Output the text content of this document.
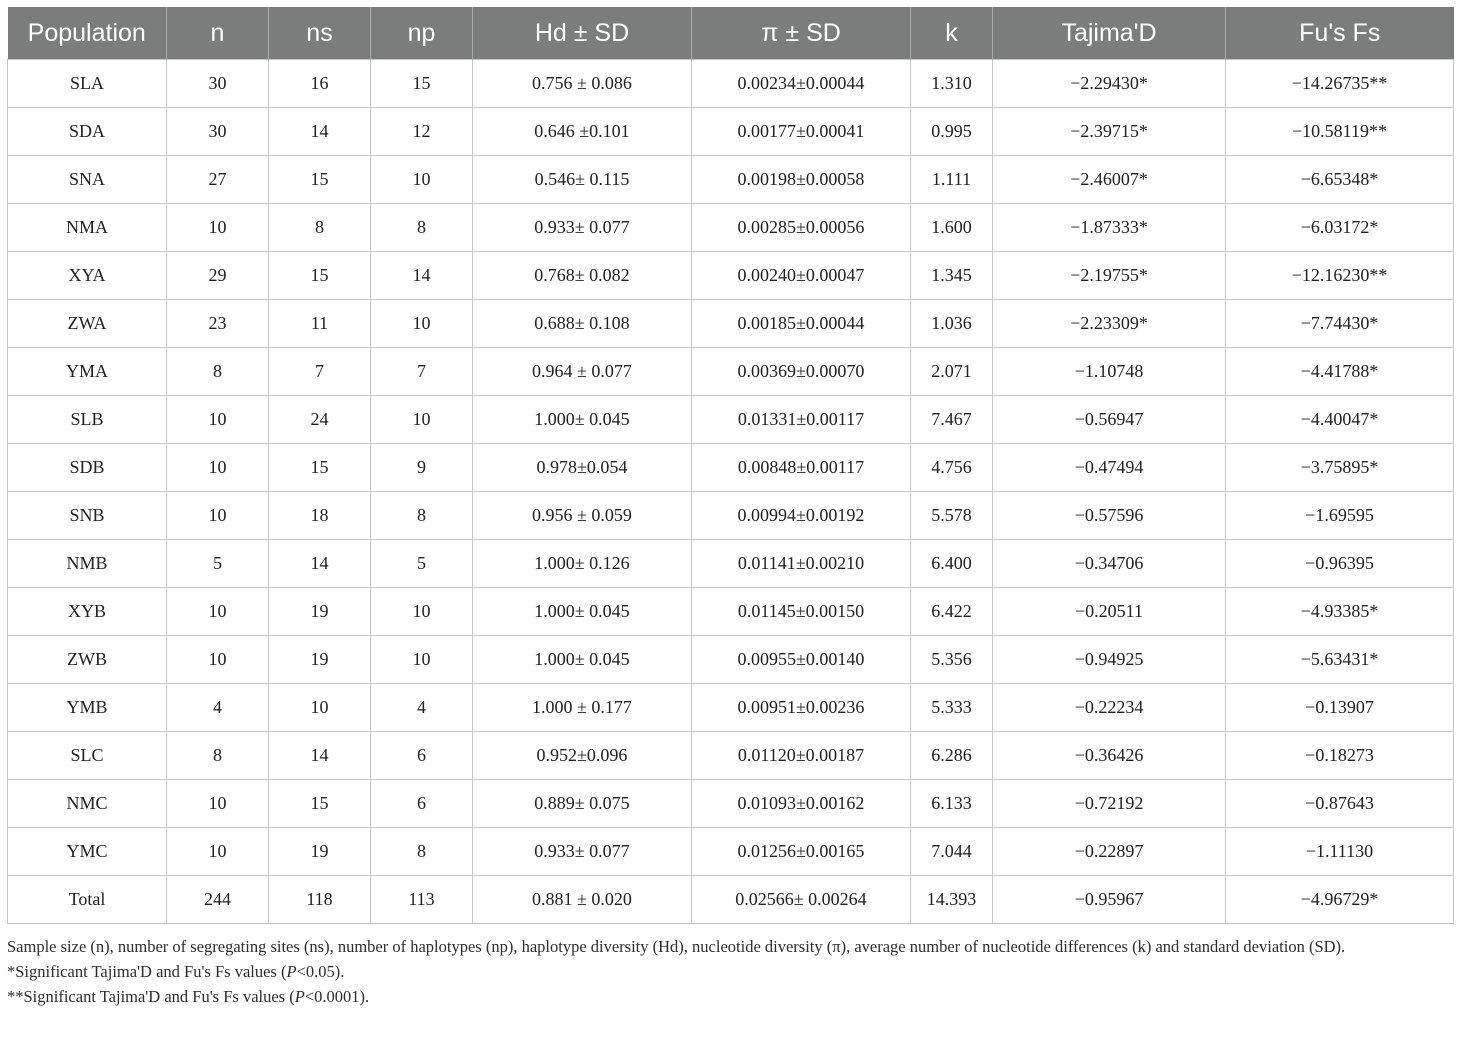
Population	n	ns	np	Hd ± SD	π ± SD	k	Tajima'D	Fu's Fs
SLA	30	16	15	0.756 ± 0.086	0.00234±0.00044	1.310	−2.29430*	−14.26735**
SDA	30	14	12	0.646 ±0.101	0.00177±0.00041	0.995	−2.39715*	−10.58119**
SNA	27	15	10	0.546± 0.115	0.00198±0.00058	1.111	−2.46007*	−6.65348*
NMA	10	8	8	0.933± 0.077	0.00285±0.00056	1.600	−1.87333*	−6.03172*
XYA	29	15	14	0.768± 0.082	0.00240±0.00047	1.345	−2.19755*	−12.16230**
ZWA	23	11	10	0.688± 0.108	0.00185±0.00044	1.036	−2.23309*	−7.74430*
YMA	8	7	7	0.964 ± 0.077	0.00369±0.00070	2.071	−1.10748	−4.41788*
SLB	10	24	10	1.000± 0.045	0.01331±0.00117	7.467	−0.56947	−4.40047*
SDB	10	15	9	0.978±0.054	0.00848±0.00117	4.756	−0.47494	−3.75895*
SNB	10	18	8	0.956 ± 0.059	0.00994±0.00192	5.578	−0.57596	−1.69595
NMB	5	14	5	1.000± 0.126	0.01141±0.00210	6.400	−0.34706	−0.96395
XYB	10	19	10	1.000± 0.045	0.01145±0.00150	6.422	−0.20511	−4.93385*
ZWB	10	19	10	1.000± 0.045	0.00955±0.00140	5.356	−0.94925	−5.63431*
YMB	4	10	4	1.000 ± 0.177	0.00951±0.00236	5.333	−0.22234	−0.13907
SLC	8	14	6	0.952±0.096	0.01120±0.00187	6.286	−0.36426	−0.18273
NMC	10	15	6	0.889± 0.075	0.01093±0.00162	6.133	−0.72192	−0.87643
YMC	10	19	8	0.933± 0.077	0.01256±0.00165	7.044	−0.22897	−1.11130
Total	244	118	113	0.881 ± 0.020	0.02566± 0.00264	14.393	−0.95967	−4.96729*

Sample size (n), number of segregating sites (ns), number of haplotypes (np), haplotype diversity (Hd), nucleotide diversity (π), average number of nucleotide differences (k) and standard deviation (SD).

*Significant Tajima'D and Fu's Fs values (P<0.05).

**Significant Tajima'D and Fu's Fs values (P<0.0001).
